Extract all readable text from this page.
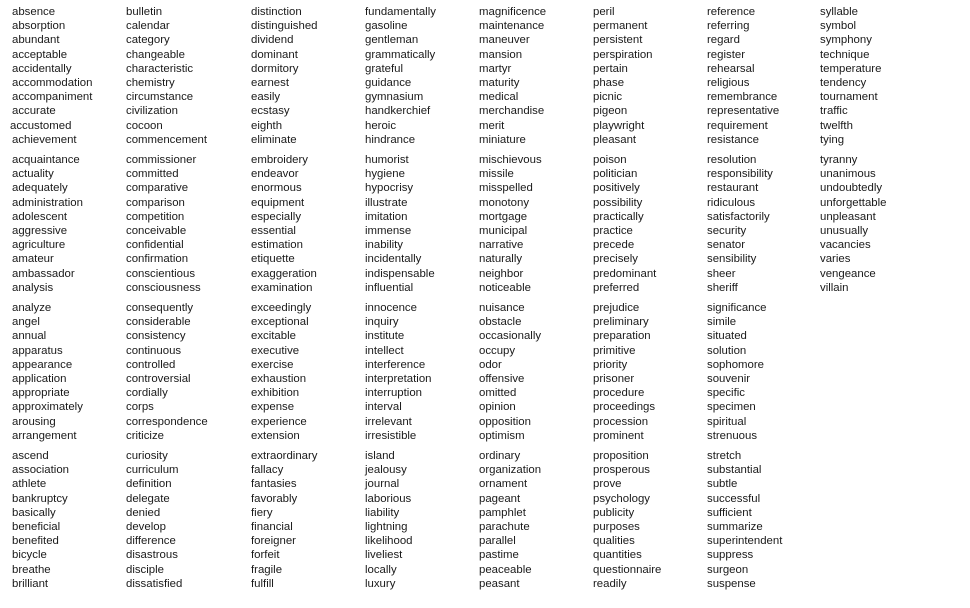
absence
absorption
abundant
acceptable
accidentally
accommodation
accompaniment
accurate
accustomed
achievement
acquaintance
actuality
adequately
administration
adolescent
aggressive
agriculture
amateur
ambassador
analysis
analyze
angel
annual
apparatus
appearance
application
appropriate
approximately
arousing
arrangement
ascend
association
athlete
bankruptcy
basically
beneficial
benefited
bicycle
breathe
brilliant
bulletin
calendar
category
changeable
characteristic
chemistry
circumstance
civilization
cocoon
commencement
commissioner
committed
comparative
comparison
competition
conceivable
confidential
confirmation
conscientious
consciousness
consequently
considerable
consistency
continuous
controlled
controversial
cordially
corps
correspondence
criticize
curiosity
curriculum
definition
delegate
denied
develop
difference
disastrous
disciple
dissatisfied
distinction
distinguished
dividend
dominant
dormitory
earnest
easily
ecstasy
eighth
eliminate
embroidery
endeavor
enormous
equipment
especially
essential
estimation
etiquette
exaggeration
examination
exceedingly
exceptional
excitable
executive
exercise
exhaustion
exhibition
expense
experience
extension
extraordinary
fallacy
fantasies
favorably
fiery
financial
foreigner
forfeit
fragile
fulfill
fundamentally
gasoline
gentleman
grammatically
grateful
guidance
gymnasium
handkerchief
heroic
hindrance
humorist
hygiene
hypocrisy
illustrate
imitation
immense
inability
incidentally
indispensable
influential
innocence
inquiry
institute
intellect
interference
interpretation
interruption
interval
irrelevant
irresistible
island
jealousy
journal
laborious
liability
lightning
likelihood
liveliest
locally
luxury
magnificence
maintenance
maneuver
mansion
martyr
maturity
medical
merchandise
merit
miniature
mischievous
missile
misspelled
monotony
mortgage
municipal
narrative
naturally
neighbor
noticeable
nuisance
obstacle
occasionally
occupy
odor
offensive
omitted
opinion
opposition
optimism
ordinary
organization
ornament
pageant
pamphlet
parachute
parallel
pastime
peaceable
peasant
peril
permanent
persistent
perspiration
pertain
phase
picnic
pigeon
playwright
pleasant
poison
politician
positively
possibility
practically
practice
precede
precisely
predominant
preferred
prejudice
preliminary
preparation
primitive
priority
prisoner
procedure
proceedings
procession
prominent
proposition
prosperous
prove
psychology
publicity
purposes
qualities
quantities
questionnaire
readily
reference
referring
regard
register
rehearsal
religious
remembrance
representative
requirement
resistance
resolution
responsibility
restaurant
ridiculous
satisfactorily
security
senator
sensibility
sheer
sheriff
significance
simile
situated
solution
sophomore
souvenir
specific
specimen
spiritual
strenuous
stretch
substantial
subtle
successful
sufficient
summarize
superintendent
suppress
surgeon
suspense
syllable
symbol
symphony
technique
temperature
tendency
tournament
traffic
twelfth
tying
tyranny
unanimous
undoubtedly
unforgettable
unpleasant
unusually
vacancies
varies
vengeance
villain
